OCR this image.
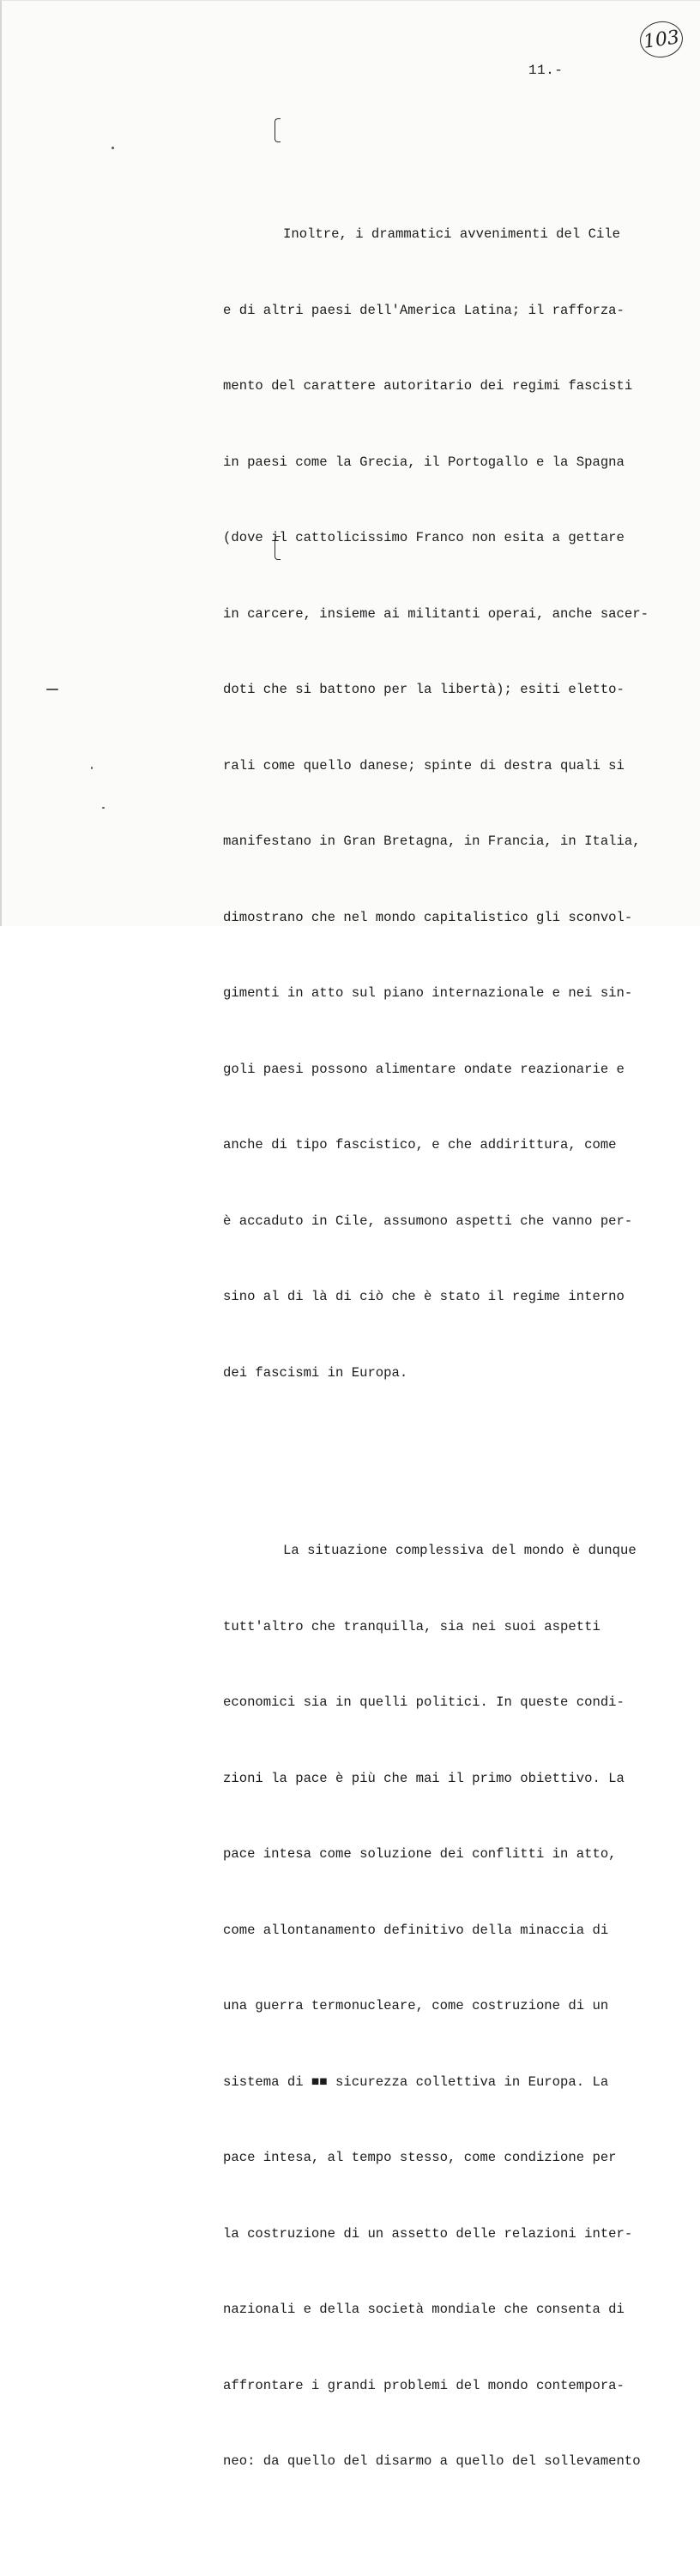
103
11.-

Inoltre, i drammatici avvenimenti del Cile

e di altri paesi dell'America Latina; il rafforza-

mento del carattere autoritario dei regimi fascisti

in paesi come la Grecia, il Portogallo e la Spagna

(dove il cattolicissimo Franco non esita a gettare

in carcere, insieme ai militanti operai, anche sacer-

doti che si battono per la libertà); esiti eletto-

rali come quello danese; spinte di destra quali si

manifestano in Gran Bretagna, in Francia, in Italia,

dimostrano che nel mondo capitalistico gli sconvol-

gimenti in atto sul piano internazionale e nei sin-

goli paesi possono alimentare ondate reazionarie e

anche di tipo fascistico, e che addirittura, come

è accaduto in Cile, assumono aspetti che vanno per-

sino al di là di ciò che è stato il regime interno

dei fascismi in Europa.

La situazione complessiva del mondo è dunque

tutt'altro che tranquilla, sia nei suoi aspetti

economici sia in quelli politici. In queste condi-

zioni la pace è più che mai il primo obiettivo. La

pace intesa come soluzione dei conflitti in atto,

come allontanamento definitivo della minaccia di

una guerra termonucleare, come costruzione di un

sistema di ■■ sicurezza collettiva in Europa. La

pace intesa, al tempo stesso, come condizione per

la costruzione di un assetto delle relazioni inter-

nazionali e della società mondiale che consenta di

affrontare i grandi problemi del mondo contempora-

neo: da quello del disarmo a quello del sollevamento
